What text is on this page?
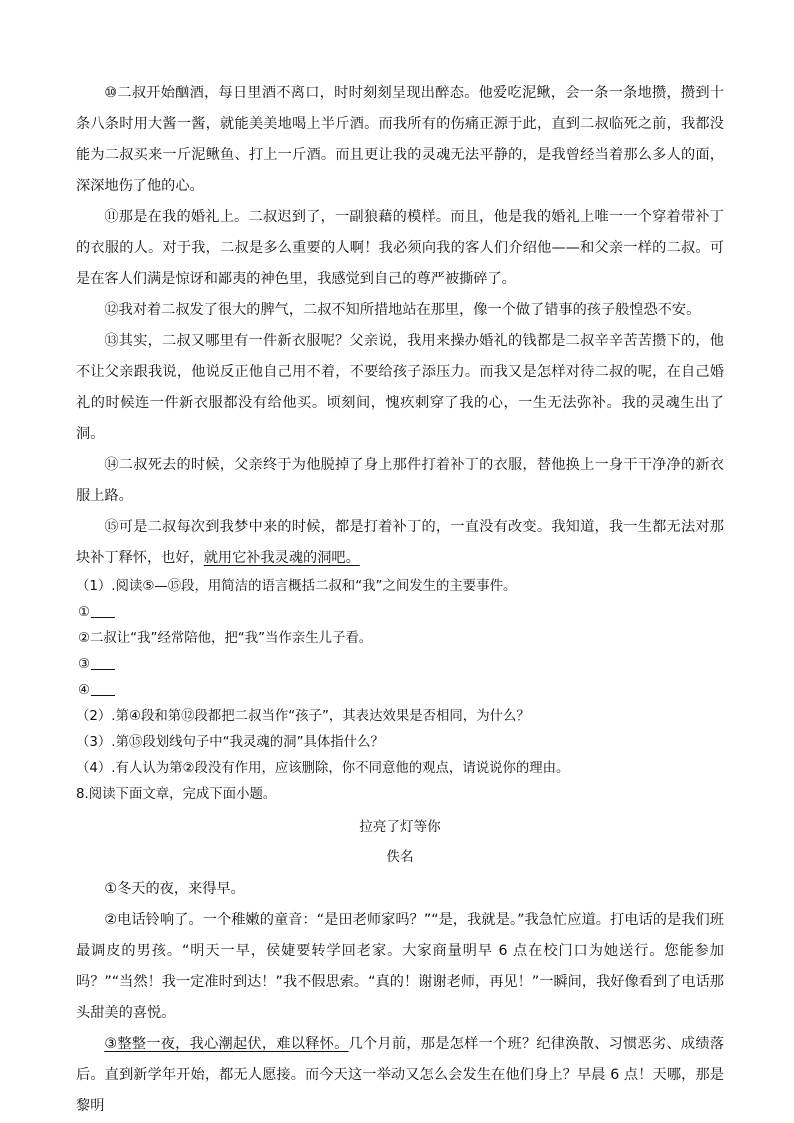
⑩二叔开始酗酒，每日里酒不离口，时时刻刻呈现出醉态。他爱吃泥鳅，会一条一条地攒，攒到十条八条时用大酱一酱，就能美美地喝上半斤酒。而我所有的伤痛正源于此，直到二叔临死之前，我都没能为二叔买来一斤泥鳅鱼、打上一斤酒。而且更让我的灵魂无法平静的，是我曾经当着那么多人的面，深深地伤了他的心。

⑪那是在我的婚礼上。二叔迟到了，一副狼藉的模样。而且，他是我的婚礼上唯一一个穿着带补丁的衣服的人。对于我，二叔是多么重要的人啊！我必须向我的客人们介绍他——和父亲一样的二叔。可是在客人们满是惊讶和鄙夷的神色里，我感觉到自己的尊严被撕碎了。

⑫我对着二叔发了很大的脾气，二叔不知所措地站在那里，像一个做了错事的孩子般惶恐不安。

⑬其实，二叔又哪里有一件新衣服呢？父亲说，我用来操办婚礼的钱都是二叔辛辛苦苦攒下的，他不让父亲跟我说，他说反正他自己用不着，不要给孩子添压力。而我又是怎样对待二叔的呢，在自己婚礼的时候连一件新衣服都没有给他买。顷刻间，愧疚刺穿了我的心，一生无法弥补。我的灵魂生出了洞。

⑭二叔死去的时候，父亲终于为他脱掉了身上那件打着补丁的衣服，替他换上一身干干净净的新衣服上路。

⑮可是二叔每次到我梦中来的时候，都是打着补丁的，一直没有改变。我知道，我一生都无法对那块补丁释怀，也好，就用它补我灵魂的洞吧。

（1）.阅读⑤—⑮段，用简洁的语言概括二叔和“我”之间发生的主要事件。

①

②二叔让“我”经常陪他，把“我”当作亲生儿子看。

③

④

（2）.第④段和第⑫段都把二叔当作“孩子”，其表达效果是否相同，为什么？

（3）.第⑮段划线句子中“我灵魂的洞”具体指什么？

（4）.有人认为第②段没有作用，应该删除，你不同意他的观点，请说说你的理由。

8.阅读下面文章，完成下面小题。

拉亮了灯等你

佚名

①冬天的夜，来得早。

②电话铃响了。一个稚嫩的童音：“是田老师家吗？”“是，我就是。”我急忙应道。打电话的是我们班最调皮的男孩。“明天一早，侯婕要转学回老家。大家商量明早 6 点在校门口为她送行。您能参加吗？”“当然！我一定准时到达！”我不假思索。“真的！谢谢老师，再见！”一瞬间，我好像看到了电话那头甜美的喜悦。

③整整一夜，我心潮起伏，难以释怀。几个月前，那是怎样一个班？纪律涣散、习惯恶劣、成绩落后。直到新学年开始，都无人愿接。而今天这一举动又怎么会发生在他们身上？早晨 6 点！天哪，那是黎明
